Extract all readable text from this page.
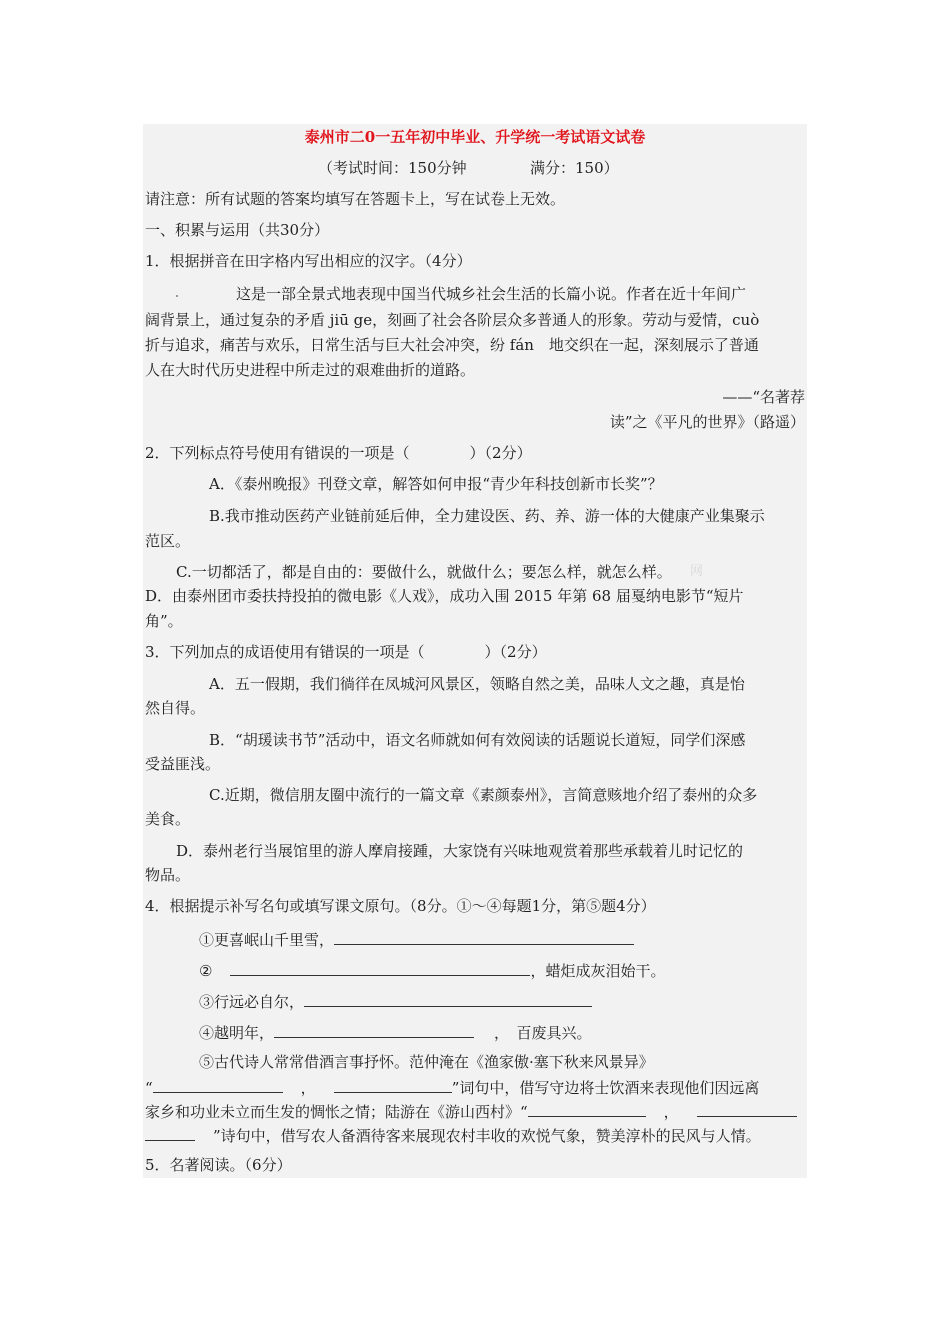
网
泰州市二0一五年初中毕业、升学统一考试语文试卷
（考试时间：150分钟	满分：150）
请注意：所有试题的答案均填写在答题卡上，写在试卷上无效。
一、积累与运用（共30分）
1．根据拼音在田字格内写出相应的汉字。（4分）
这是一部全景式地表现中国当代城乡社会生活的长篇小说。作者在近十年间广
阔背景上，通过复杂的矛盾 jiū ge，刻画了社会各阶层众多普通人的形象。劳动与爱情，cuò
折与追求，痛苦与欢乐，日常生活与巨大社会冲突，纷 fán　地交织在一起，深刻展示了普通
人在大时代历史进程中所走过的艰难曲折的道路。
——“名著荐
读”之《平凡的世界》（路遥）
2．下列标点符号使用有错误的一项是（　　　　）（2分）
A．《泰州晚报》刊登文章，解答如何申报“青少年科技创新市长奖”？
B.我市推动医药产业链前延后伸，全力建设医、药、养、游一体的大健康产业集聚示
范区。
C.一切都活了，都是自由的：要做什么，就做什么；要怎么样，就怎么样。
D．由泰州团市委扶持投拍的微电影《人戏》，成功入围 2015 年第 68 届戛纳电影节“短片
角”。
3．下列加点的成语使用有错误的一项是（　　　　）（2分）
A．五一假期，我们徜徉在凤城河风景区，领略自然之美，品味人文之趣，真是怡
然自得。
B．“胡瑗读书节”活动中，语文名师就如何有效阅读的话题说长道短，同学们深感
受益匪浅。
C.近期，微信朋友圈中流行的一篇文章《素颜泰州》，言简意赅地介绍了泰州的众多
美食。
D．泰州老行当展馆里的游人摩肩接踵，大家饶有兴味地观赏着那些承载着儿时记忆的
物品。
4．根据提示补写名句或填写课文原句。（8分。①～④每题1分，第⑤题4分）
①更喜岷山千里雪，
②	，蜡炬成灰泪始干。
③行远必自尔，
④越明年，	，　百废具兴。
⑤古代诗人常常借酒言事抒怀。范仲淹在《渔家傲·塞下秋来风景异》
“	，	”词句中，借写守边将士饮酒来表现他们因远离
家乡和功业未立而生发的惆怅之情；陆游在《游山西村》“	，
”诗句中，借写农人备酒待客来展现农村丰收的欢悦气象，赞美淳朴的民风与人情。
5．名著阅读。（6分）
